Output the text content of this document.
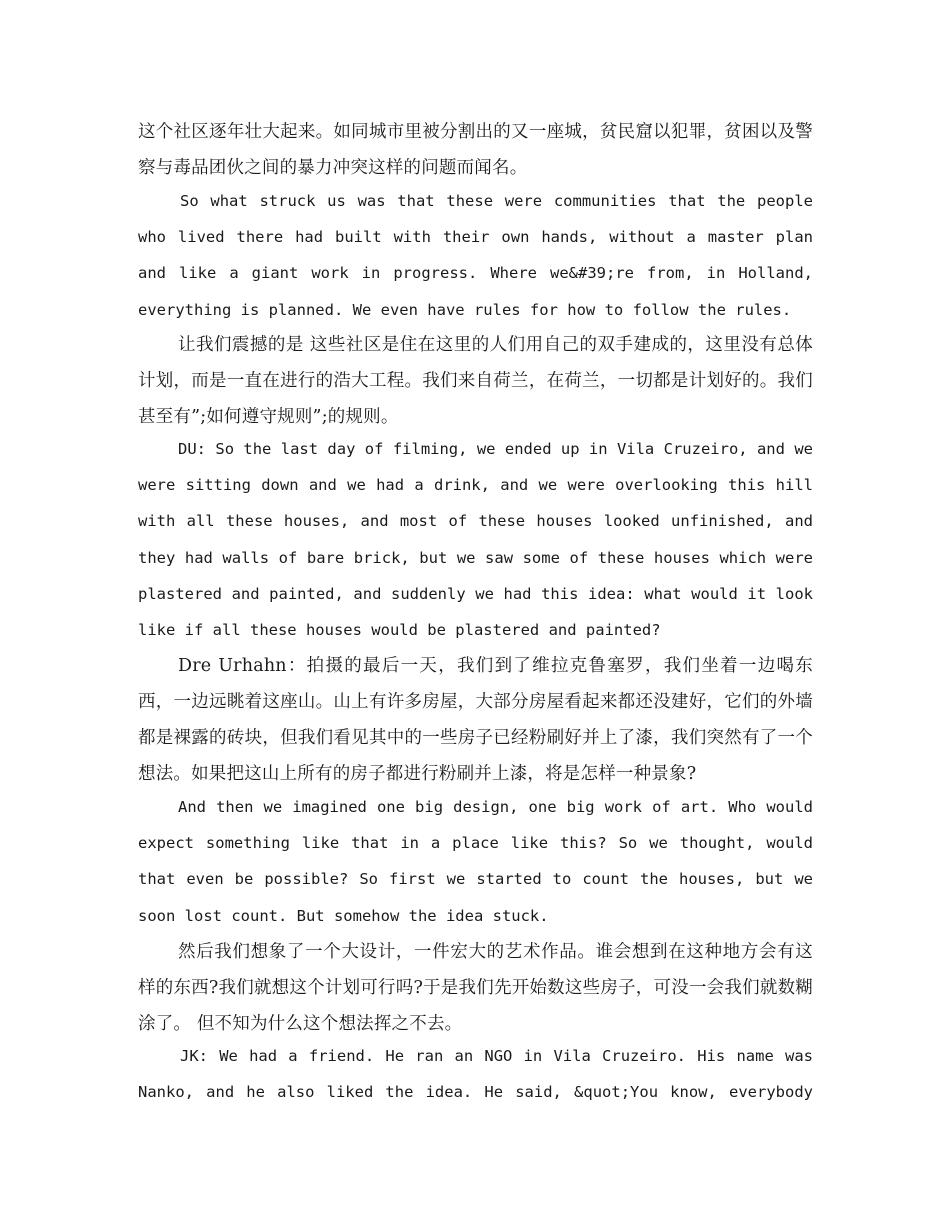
这个社区逐年壮大起来。如同城市里被分割出的又一座城，贫民窟以犯罪，贫困以及警察与毒品团伙之间的暴力冲突这样的问题而闻名。

So what struck us was that these were communities that the people who lived there had built with their own hands, without a master plan and like a giant work in progress. Where we&#39;re from, in Holland, everything is planned. We even have rules for how to follow the rules.

让我们震撼的是 这些社区是住在这里的人们用自己的双手建成的，这里没有总体计划，而是一直在进行的浩大工程。我们来自荷兰，在荷兰，一切都是计划好的。我们甚至有”;如何遵守规则”;的规则。

DU: So the last day of filming, we ended up in Vila Cruzeiro, and we were sitting down and we had a drink, and we were overlooking this hill with all these houses, and most of these houses looked unfinished, and they had walls of bare brick, but we saw some of these houses which were plastered and painted, and suddenly we had this idea: what would it look like if all these houses would be plastered and painted?

Dre Urhahn：拍摄的最后一天，我们到了维拉克鲁塞罗，我们坐着一边喝东西，一边远眺着这座山。山上有许多房屋，大部分房屋看起来都还没建好，它们的外墙都是裸露的砖块，但我们看见其中的一些房子已经粉刷好并上了漆，我们突然有了一个想法。如果把这山上所有的房子都进行粉刷并上漆，将是怎样一种景象?

And then we imagined one big design, one big work of art. Who would expect something like that in a place like this? So we thought, would that even be possible? So first we started to count the houses, but we soon lost count. But somehow the idea stuck.

然后我们想象了一个大设计，一件宏大的艺术作品。谁会想到在这种地方会有这样的东西?我们就想这个计划可行吗?于是我们先开始数这些房子，可没一会我们就数糊涂了。 但不知为什么这个想法挥之不去。

JK: We had a friend. He ran an NGO in Vila Cruzeiro. His name was Nanko, and he also liked the idea. He said, &quot;You know, everybody
